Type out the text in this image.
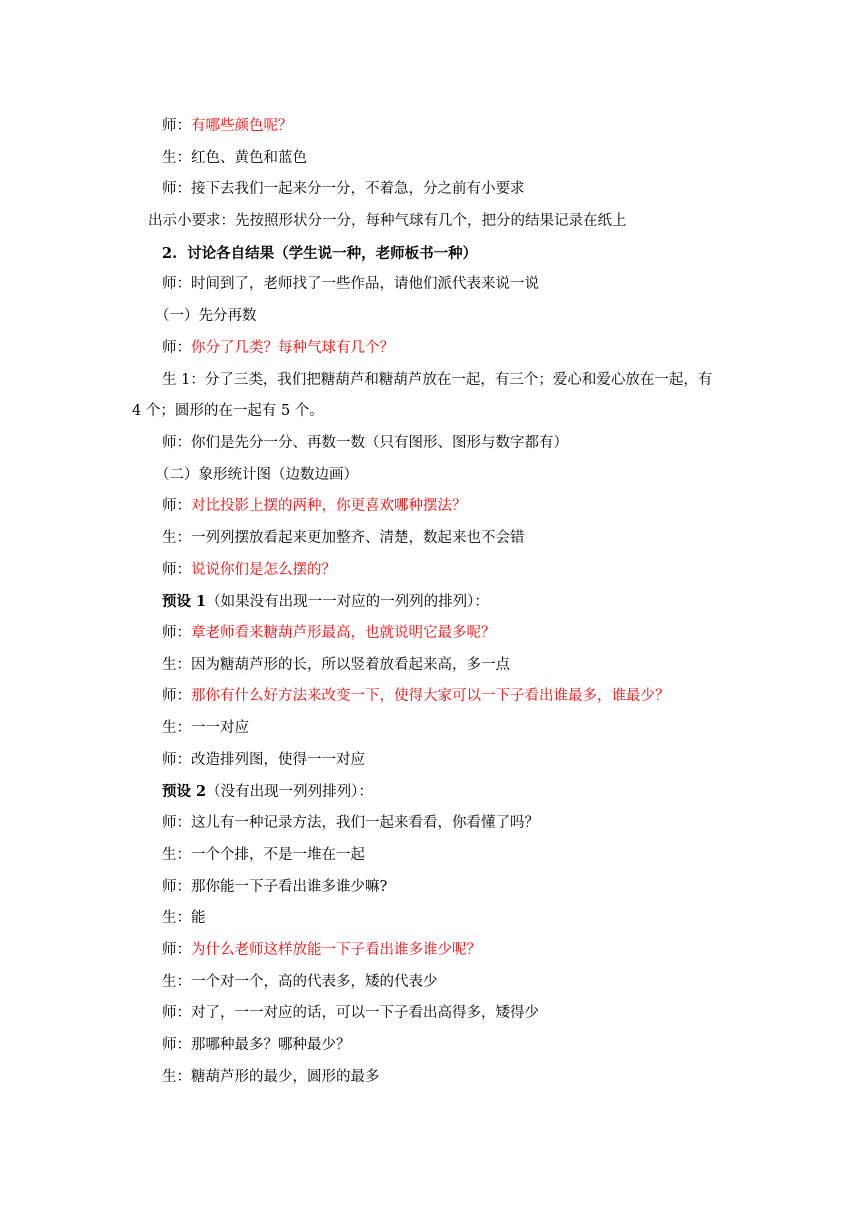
师：有哪些颜色呢？
生：红色、黄色和蓝色
师：接下去我们一起来分一分，不着急，分之前有小要求
出示小要求：先按照形状分一分，每种气球有几个，把分的结果记录在纸上
2. 讨论各自结果（学生说一种，老师板书一种）
师：时间到了，老师找了一些作品，请他们派代表来说一说
（一）先分再数
师：你分了几类？每种气球有几个？
生 1：分了三类，我们把糖葫芦和糖葫芦放在一起，有三个；爱心和爱心放在一起，有
4 个；圆形的在一起有 5 个。
师：你们是先分一分、再数一数（只有图形、图形与数字都有）
（二）象形统计图（边数边画）
师：对比投影上摆的两种，你更喜欢哪种摆法？
生：一列列摆放看起来更加整齐、清楚，数起来也不会错
师：说说你们是怎么摆的？
预设 1（如果没有出现一一对应的一列列的排列）：
师：章老师看来糖葫芦形最高，也就说明它最多呢？
生：因为糖葫芦形的长，所以竖着放看起来高，多一点
师：那你有什么好方法来改变一下，使得大家可以一下子看出谁最多，谁最少？
生：一一对应
师：改造排列图，使得一一对应
预设 2（没有出现一列列排列）：
师：这儿有一种记录方法，我们一起来看看，你看懂了吗？
生：一个个排，不是一堆在一起
师：那你能一下子看出谁多谁少嘛?
生：能
师：为什么老师这样放能一下子看出谁多谁少呢？
生：一个对一个，高的代表多，矮的代表少
师：对了，一一对应的话，可以一下子看出高得多，矮得少
师：那哪种最多？哪种最少？
生：糖葫芦形的最少，圆形的最多
